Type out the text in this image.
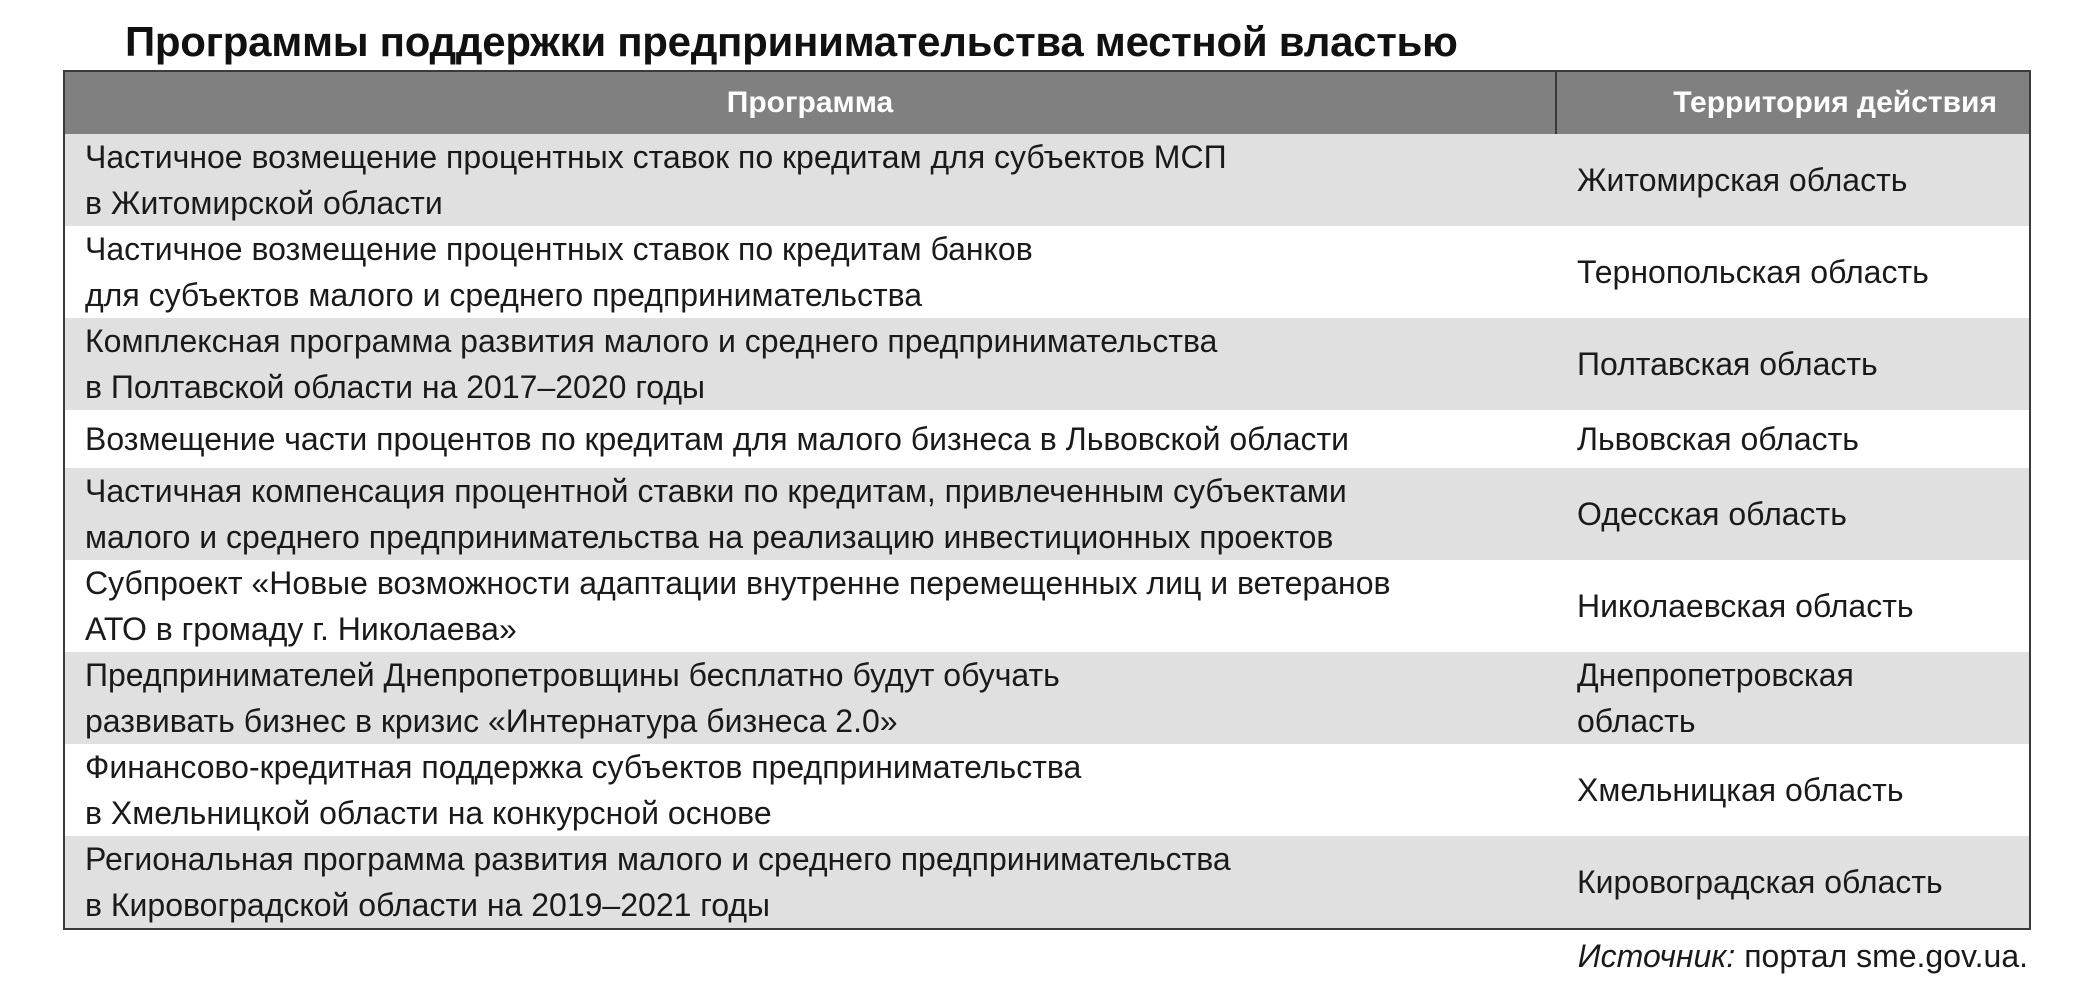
Программы поддержки предпринимательства местной властью
Программа	Территория действия
Частичное возмещение процентных ставок по кредитам для субъектов МСП
в Житомирской области
Житомирская область
Частичное возмещение процентных ставок по кредитам банков
для субъектов малого и среднего предпринимательства
Тернопольская область
Комплексная программа развития малого и среднего предпринимательства
в Полтавской области на 2017–2020 годы
Полтавская область
Возмещение части процентов по кредитам для малого бизнеса в Львовской области	Львовская область
Частичная компенсация процентной ставки по кредитам, привлеченным субъектами
малого и среднего предпринимательства на реализацию инвестиционных проектов
Одесская область
Субпроект «Новые возможности адаптации внутренне перемещенных лиц и ветеранов
АТО в громаду г. Николаева»
Николаевская область
Предпринимателей Днепропетровщины бесплатно будут обучать
развивать бизнес в кризис «Интернатура бизнеса 2.0»
Днепропетровская
область
Финансово-кредитная поддержка субъектов предпринимательства
в Хмельницкой области на конкурсной основе
Хмельницкая область
Региональная программа развития малого и среднего предпринимательства
в Кировоградской области на 2019–2021 годы
Кировоградская область
Источник: портал sme.gov.ua.
